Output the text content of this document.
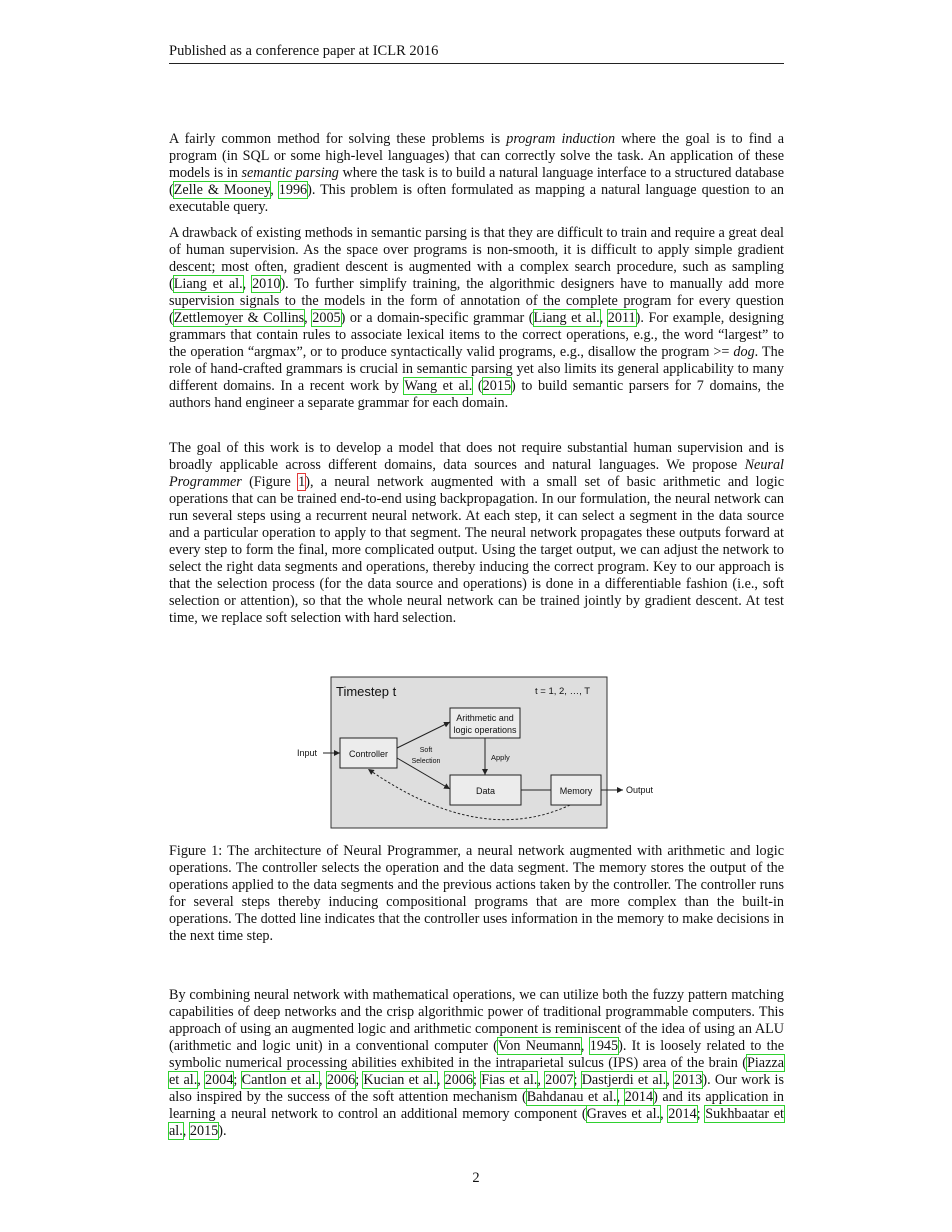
Published as a conference paper at ICLR 2016

A fairly common method for solving these problems is program induction where the goal is to find a program (in SQL or some high-level languages) that can correctly solve the task. An application of these models is in semantic parsing where the task is to build a natural language interface to a structured database (Zelle & Mooney, 1996). This problem is often formulated as mapping a natural language question to an executable query.

A drawback of existing methods in semantic parsing is that they are difficult to train and require a great deal of human supervision. As the space over programs is non-smooth, it is difficult to apply simple gradient descent; most often, gradient descent is augmented with a complex search procedure, such as sampling (Liang et al., 2010). To further simplify training, the algorithmic designers have to manually add more supervision signals to the models in the form of annotation of the complete program for every question (Zettlemoyer & Collins, 2005) or a domain-specific grammar (Liang et al., 2011). For example, designing grammars that contain rules to associate lexical items to the correct operations, e.g., the word “largest” to the operation “argmax”, or to produce syntactically valid programs, e.g., disallow the program >= dog. The role of hand-crafted grammars is crucial in semantic parsing yet also limits its general applicability to many different domains. In a recent work by Wang et al. (2015) to build semantic parsers for 7 domains, the authors hand engineer a separate grammar for each domain.

The goal of this work is to develop a model that does not require substantial human supervision and is broadly applicable across different domains, data sources and natural languages. We propose Neural Programmer (Figure 1), a neural network augmented with a small set of basic arithmetic and logic operations that can be trained end-to-end using backpropagation. In our formulation, the neural network can run several steps using a recurrent neural network. At each step, it can select a segment in the data source and a particular operation to apply to that segment. The neural network propagates these outputs forward at every step to form the final, more complicated output. Using the target output, we can adjust the network to select the right data segments and operations, thereby inducing the correct program. Key to our approach is that the selection process (for the data source and operations) is done in a differentiable fashion (i.e., soft selection or attention), so that the whole neural network can be trained jointly by gradient descent. At test time, we replace soft selection with hard selection.

Timestep t	t = 1, 2, …, T
Arithmetic and
logic operations
Controller
Data	Memory
Input	Soft
Selection	Apply
Output

Figure 1: The architecture of Neural Programmer, a neural network augmented with arithmetic and logic operations. The controller selects the operation and the data segment. The memory stores the output of the operations applied to the data segments and the previous actions taken by the controller. The controller runs for several steps thereby inducing compositional programs that are more complex than the built-in operations. The dotted line indicates that the controller uses information in the memory to make decisions in the next time step.

By combining neural network with mathematical operations, we can utilize both the fuzzy pattern matching capabilities of deep networks and the crisp algorithmic power of traditional programmable computers. This approach of using an augmented logic and arithmetic component is reminiscent of the idea of using an ALU (arithmetic and logic unit) in a conventional computer (Von Neumann, 1945). It is loosely related to the symbolic numerical processing abilities exhibited in the intraparietal sulcus (IPS) area of the brain (Piazza et al., 2004; Cantlon et al., 2006; Kucian et al., 2006; Fias et al., 2007; Dastjerdi et al., 2013). Our work is also inspired by the success of the soft attention mechanism (Bahdanau et al., 2014) and its application in learning a neural network to control an additional memory component (Graves et al., 2014; Sukhbaatar et al., 2015).

2
